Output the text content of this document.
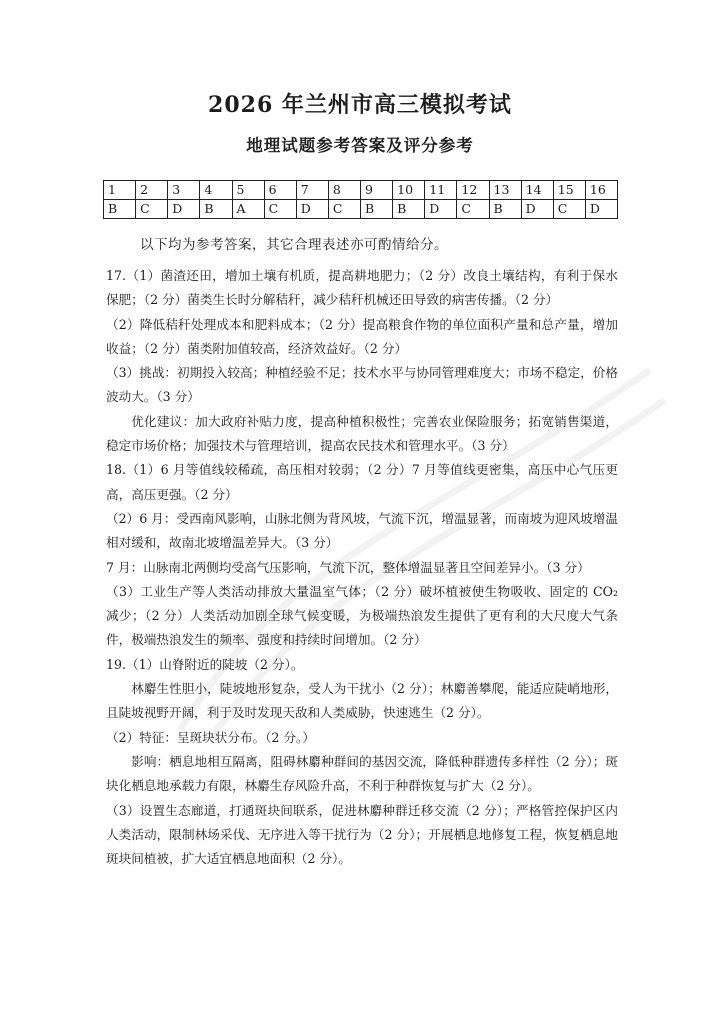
2026 年兰州市高三模拟考试
地理试题参考答案及评分参考
1	2	3	4	5	6	7	8	9	10	11	12	13	14	15	16
B	C	D	B	A	C	D	C	B	B	D	C	B	D	C	D
以下均为参考答案，其它合理表述亦可酌情给分。

17.（1）菌渣还田，增加土壤有机质，提高耕地肥力；（2 分）改良土壤结构，有利于保水保肥；（2 分）菌类生长时分解秸秆，减少秸秆机械还田导致的病害传播。（2 分）

（2）降低秸秆处理成本和肥料成本；（2 分）提高粮食作物的单位面积产量和总产量，增加收益；（2 分）菌类附加值较高，经济效益好。（2 分）

（3）挑战：初期投入较高；种植经验不足；技术水平与协同管理难度大；市场不稳定，价格波动大。（3 分）

优化建议：加大政府补贴力度，提高种植积极性；完善农业保险服务；拓宽销售渠道，稳定市场价格；加强技术与管理培训，提高农民技术和管理水平。（3 分）

18.（1）6 月等值线较稀疏，高压相对较弱；（2 分）7 月等值线更密集，高压中心气压更高，高压更强。（2 分）

（2）6 月：受西南风影响，山脉北侧为背风坡，气流下沉，增温显著，而南坡为迎风坡增温相对缓和，故南北坡增温差异大。（3 分）

7 月：山脉南北两侧均受高气压影响，气流下沉，整体增温显著且空间差异小。（3 分）

（3）工业生产等人类活动排放大量温室气体；（2 分）破坏植被使生物吸收、固定的 CO₂ 减少；（2 分）人类活动加剧全球气候变暖，为极端热浪发生提供了更有利的大尺度大气条件，极端热浪发生的频率、强度和持续时间增加。（2 分）

19.（1）山脊附近的陡坡（2 分）。

林麝生性胆小，陡坡地形复杂，受人为干扰小（2 分）；林麝善攀爬，能适应陡峭地形，且陡坡视野开阔，利于及时发现天敌和人类威胁，快速逃生（2 分）。

（2）特征：呈斑块状分布。（2 分。）

影响：栖息地相互隔离，阻碍林麝种群间的基因交流，降低种群遗传多样性（2 分）；斑块化栖息地承载力有限，林麝生存风险升高，不利于种群恢复与扩大（2 分）。

（3）设置生态廊道，打通斑块间联系，促进林麝种群迁移交流（2 分）；严格管控保护区内人类活动，限制林场采伐、无序进入等干扰行为（2 分）；开展栖息地修复工程，恢复栖息地斑块间植被，扩大适宜栖息地面积（2 分）。
